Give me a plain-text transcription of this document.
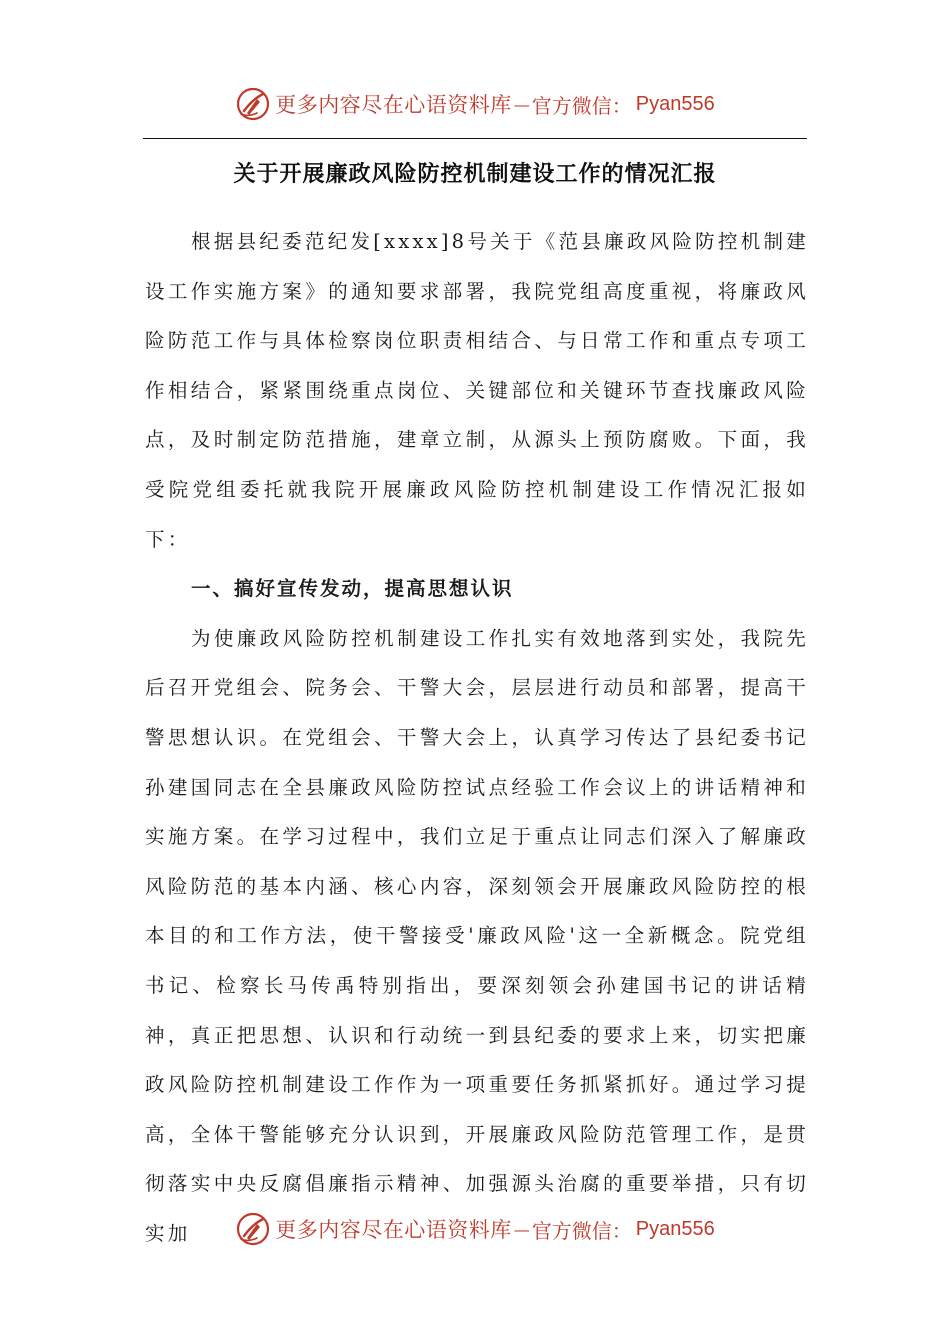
更多内容尽在心语资料库 — 官方微信： Pyan556
关于开展廉政风险防控机制建设工作的情况汇报

根据县纪委范纪发[xxxx]8号关于《范县廉政风险防控机制建设工作实施方案》的通知要求部署，我院党组高度重视，将廉政风险防范工作与具体检察岗位职责相结合、与日常工作和重点专项工作相结合，紧紧围绕重点岗位、关键部位和关键环节查找廉政风险点，及时制定防范措施，建章立制，从源头上预防腐败。下面，我受院党组委托就我院开展廉政风险防控机制建设工作情况汇报如下：

一、搞好宣传发动，提高思想认识

为使廉政风险防控机制建设工作扎实有效地落到实处，我院先后召开党组会、院务会、干警大会，层层进行动员和部署，提高干警思想认识。在党组会、干警大会上，认真学习传达了县纪委书记孙建国同志在全县廉政风险防控试点经验工作会议上的讲话精神和实施方案。在学习过程中，我们立足于重点让同志们深入了解廉政风险防范的基本内涵、核心内容，深刻领会开展廉政风险防控的根本目的和工作方法，使干警接受'廉政风险'这一全新概念。院党组书记、检察长马传禹特别指出，要深刻领会孙建国书记的讲话精神，真正把思想、认识和行动统一到县纪委的要求上来，切实把廉政风险防控机制建设工作作为一项重要任务抓紧抓好。通过学习提高，全体干警能够充分认识到，开展廉政风险防范管理工作，是贯彻落实中央反腐倡廉指示精神、加强源头治腐的重要举措，只有切实加	更多内容尽在心语资料库 — 官方微信： Pyan556
